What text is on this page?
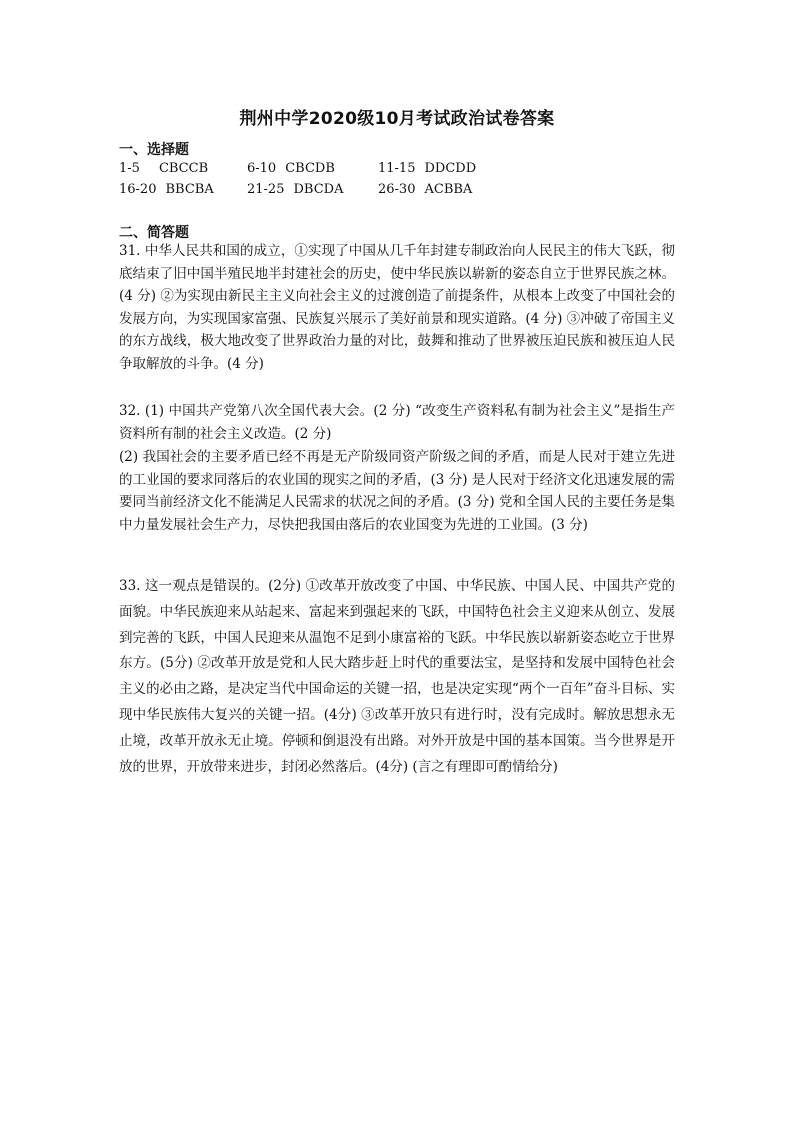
荆州中学2020级10月考试政治试卷答案
一、选择题
1-5 CBCCB	6-10 CBCDB	11-15 DDCDD
16-20 BBCBA	21-25 DBCDA	26-30 ACBBA
二、简答题
31. 中华人民共和国的成立，①实现了中国从几千年封建专制政治向人民民主的伟大飞跃，彻底结束了旧中国半殖民地半封建社会的历史，使中华民族以崭新的姿态自立于世界民族之林。(4 分) ②为实现由新民主主义向社会主义的过渡创造了前提条件，从根本上改变了中国社会的发展方向，为实现国家富强、民族复兴展示了美好前景和现实道路。(4 分) ③冲破了帝国主义的东方战线，极大地改变了世界政治力量的对比，鼓舞和推动了世界被压迫民族和被压迫人民争取解放的斗争。(4 分)
32. (1) 中国共产党第八次全国代表大会。(2 分) “改变生产资料私有制为社会主义”是指生产资料所有制的社会主义改造。(2 分)
(2) 我国社会的主要矛盾已经不再是无产阶级同资产阶级之间的矛盾，而是人民对于建立先进的工业国的要求同落后的农业国的现实之间的矛盾，(3 分) 是人民对于经济文化迅速发展的需要同当前经济文化不能满足人民需求的状况之间的矛盾。(3 分) 党和全国人民的主要任务是集中力量发展社会生产力，尽快把我国由落后的农业国变为先进的工业国。(3 分)
33. 这一观点是错误的。(2分) ①改革开放改变了中国、中华民族、中国人民、中国共产党的面貌。中华民族迎来从站起来、富起来到强起来的飞跃，中国特色社会主义迎来从创立、发展到完善的飞跃，中国人民迎来从温饱不足到小康富裕的飞跃。中华民族以崭新姿态屹立于世界东方。(5分) ②改革开放是党和人民大踏步赶上时代的重要法宝，是坚持和发展中国特色社会主义的必由之路，是决定当代中国命运的关键一招，也是决定实现“两个一百年”奋斗目标、实现中华民族伟大复兴的关键一招。(4分) ③改革开放只有进行时，没有完成时。解放思想永无止境，改革开放永无止境。停顿和倒退没有出路。对外开放是中国的基本国策。当今世界是开放的世界，开放带来进步，封闭必然落后。(4分) (言之有理即可酌情给分)
